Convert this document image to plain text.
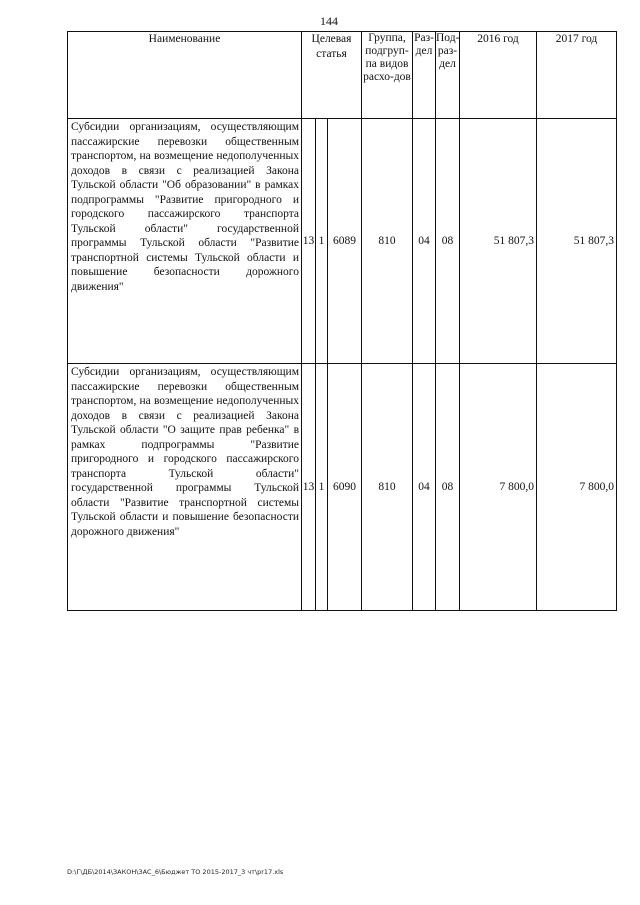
144
Наименование	Целевая статья			Группа, подгруп-па видов расхо-дов	Раз-дел	Под-раз-дел	2016 год	2017 год
Субсидии организациям, осуществляющим пассажирские перевозки общественным транспортом, на возмещение недополученных доходов в связи с реализацией Закона Тульской области "Об образовании" в рамках подпрограммы "Развитие пригородного и городского пассажирского транспорта Тульской области" государственной программы Тульской области "Развитие транспортной системы Тульской области и повышение безопасности дорожного движения"	13	1	6089	810	04	08	51 807,3	51 807,3
Субсидии организациям, осуществляющим пассажирские перевозки общественным транспортом, на возмещение недополученных доходов в связи с реализацией Закона Тульской области "О защите прав ребенка" в рамках подпрограммы "Развитие пригородного и городского пассажирского транспорта Тульской области" государственной программы Тульской области "Развитие транспортной системы Тульской области и повышение безопасности дорожного движения"	13	1	6090	810	04	08	7 800,0	7 800,0
D:\Г\ДБ\2014\ЗАКОН\ЗАС_6\Бюджет ТО 2015-2017_3 чт\pr17.xls
